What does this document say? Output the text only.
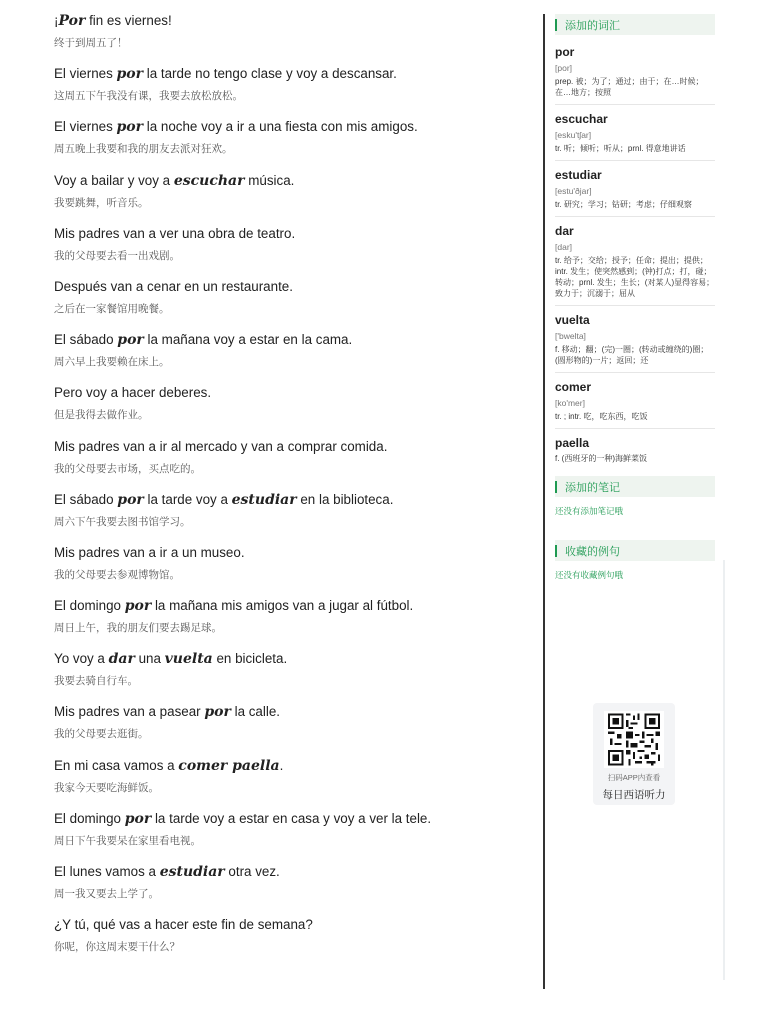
¡Por fin es viernes!
终于到周五了！
El viernes por la tarde no tengo clase y voy a descansar.
这周五下午我没有课，我要去放松放松。
El viernes por la noche voy a ir a una fiesta con mis amigos.
周五晚上我要和我的朋友去派对狂欢。
Voy a bailar y voy a escuchar música.
我要跳舞，听音乐。
Mis padres van a ver una obra de teatro.
我的父母要去看一出戏剧。
Después van a cenar en un restaurante.
之后在一家餐馆用晚餐。
El sábado por la mañana voy a estar en la cama.
周六早上我要赖在床上。
Pero voy a hacer deberes.
但是我得去做作业。
Mis padres van a ir al mercado y van a comprar comida.
我的父母要去市场，买点吃的。
El sábado por la tarde voy a estudiar en la biblioteca.
周六下午我要去图书馆学习。
Mis padres van a ir a un museo.
我的父母要去参观博物馆。
El domingo por la mañana mis amigos van a jugar al fútbol.
周日上午，我的朋友们要去踢足球。
Yo voy a dar una vuelta en bicicleta.
我要去骑自行车。
Mis padres van a pasear por la calle.
我的父母要去逛街。
En mi casa vamos a comer paella.
我家今天要吃海鲜饭。
El domingo por la tarde voy a estar en casa y voy a ver la tele.
周日下午我要呆在家里看电视。
El lunes vamos a estudiar otra vez.
周一我又要去上学了。
¿Y tú, qué vas a hacer este fin de semana?
你呢，你这周末要干什么？
添加的词汇
por
[por]
prep. 被；为了；通过；由于；在…时候；在…地方；按照
escuchar
[esku'tʃar]
tr. 听；倾听；听从；prnl. 得意地讲话
estudiar
[estu'ðjar]
tr. 研究；学习；钻研；考虑；仔细观察
dar
[dar]
tr. 给予；交给；授予；任命；提出；提供；intr. 发生；使突然感到；(钟)打点；打，碰；转动；prnl. 发生；生长；(对某人)显得容易；致力于；沉溺于；屈从
vuelta
['bwelta]
f. 移动；翻；(完)一圈；(转动或缠绕的)圈；(圆形物的)一片；返回；还
comer
[ko'mer]
tr. ; intr. 吃，吃东西，吃饭
paella
f. (西班牙的一种)海鲜菜饭
添加的笔记
还没有添加笔记哦
收藏的例句
还没有收藏例句哦
扫码APP内查看
每日西语听力
